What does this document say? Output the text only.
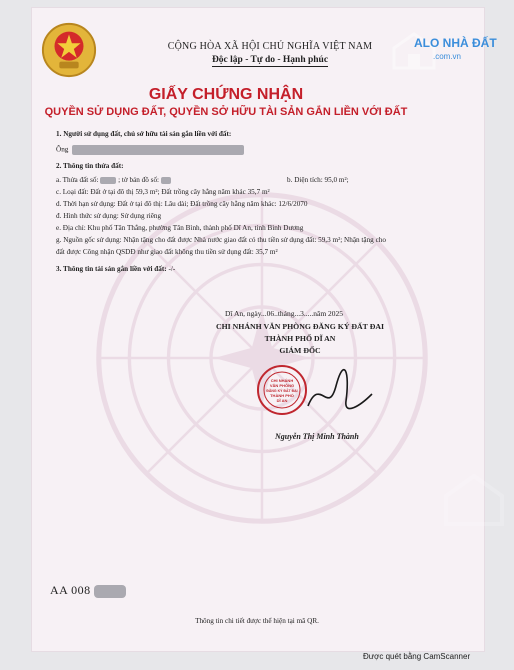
CỘNG HÒA XÃ HỘI CHỦ NGHĨA VIỆT NAM
Độc lập - Tự do - Hạnh phúc
GIẤY CHỨNG NHẬN
QUYỀN SỬ DỤNG ĐẤT, QUYỀN SỞ HỮU TÀI SẢN GẮN LIỀN VỚI ĐẤT
1. Người sử dụng đất, chủ sở hữu tài sản gắn liền với đất:
Ông
2. Thông tin thửa đất:
a. Thửa đất số:	; tờ bản đồ số:	b. Diện tích: 95,0 m²;
c. Loại đất: Đất ở tại đô thị 59,3 m²; Đất trồng cây hằng năm khác 35,7 m²
d. Thời hạn sử dụng: Đất ở tại đô thị: Lâu dài; Đất trồng cây hằng năm khác: 12/6/2070
đ. Hình thức sử dụng: Sử dụng riêng
e. Địa chỉ: Khu phố Tân Thắng, phường Tân Bình, thành phố Dĩ An, tỉnh Bình Dương
g. Nguồn gốc sử dụng: Nhận tặng cho đất được Nhà nước giao đất có thu tiền sử dụng đất: 59,3 m²; Nhận tặng cho
đất được Công nhận QSDĐ như giao đất không thu tiền sử dụng đất: 35,7 m²
3. Thông tin tài sản gắn liền với đất: -/-
Dĩ An, ngày...06..tháng...3.....năm 2025
CHI NHÁNH VĂN PHÒNG ĐĂNG KÝ ĐẤT ĐAI
THÀNH PHỐ DĨ AN
GIÁM ĐỐC
CHI NHÁNH
VĂN PHÒNG
ĐĂNG KÝ ĐẤT ĐAI
THÀNH PHỐ
DĨ AN
Nguyễn Thị Minh Thành
AA 008
Thông tin chi tiết được thể hiện tại mã QR.
ALO NHÀ ĐẤT
.com.vn
Được quét bằng CamScanner
